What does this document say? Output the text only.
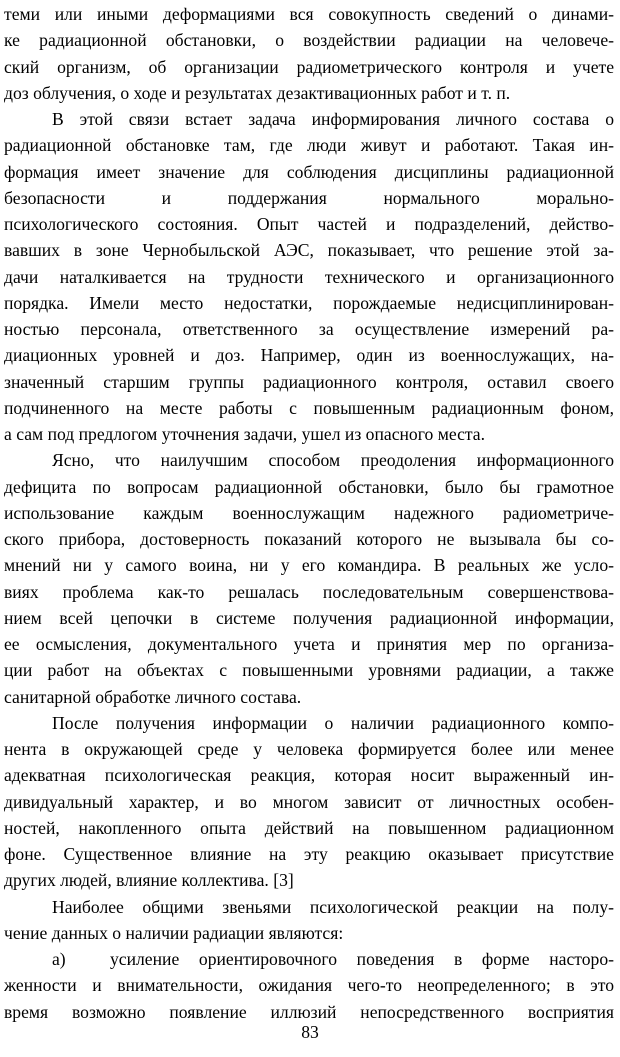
теми или иными деформациями вся совокупность сведений о динами-
ке радиационной обстановки, о воздействии радиации на человече-
ский организм, об организации радиометрического контроля и учете
доз облучения, о ходе и результатах дезактивационных работ и т. п.
В этой связи встает задача информирования личного состава о
радиационной обстановке там, где люди живут и работают. Такая ин-
формация имеет значение для соблюдения дисциплины радиационной
безопасности и поддержания нормального морально-
психологического состояния. Опыт частей и подразделений, действо-
вавших в зоне Чернобыльской АЭС, показывает, что решение этой за-
дачи наталкивается на трудности технического и организационного
порядка. Имели место недостатки, порождаемые недисциплинирован-
ностью персонала, ответственного за осуществление измерений ра-
диационных уровней и доз. Например, один из военнослужащих, на-
значенный старшим группы радиационного контроля, оставил своего
подчиненного на месте работы с повышенным радиационным фоном,
а сам под предлогом уточнения задачи, ушел из опасного места.
Ясно, что наилучшим способом преодоления информационного
дефицита по вопросам радиационной обстановки, было бы грамотное
использование каждым военнослужащим надежного радиометриче-
ского прибора, достоверность показаний которого не вызывала бы со-
мнений ни у самого воина, ни у его командира. В реальных же усло-
виях проблема как-то решалась последовательным совершенствова-
нием всей цепочки в системе получения радиационной информации,
ее осмысления, документального учета и принятия мер по организа-
ции работ на объектах с повышенными уровнями радиации, а также
санитарной обработке личного состава.
После получения информации о наличии радиационного компо-
нента в окружающей среде у человека формируется более или менее
адекватная психологическая реакция, которая носит выраженный ин-
дивидуальный характер, и во многом зависит от личностных особен-
ностей, накопленного опыта действий на повышенном радиационном
фоне. Существенное влияние на эту реакцию оказывает присутствие
других людей, влияние коллектива. [3]
Наиболее общими звеньями психологической реакции на полу-
чение данных о наличии радиации являются:
а)	усиление ориентировочного поведения в форме насторо-
женности и внимательности, ожидания чего-то неопределенного; в это
время возможно появление иллюзий непосредственного восприятия
83
